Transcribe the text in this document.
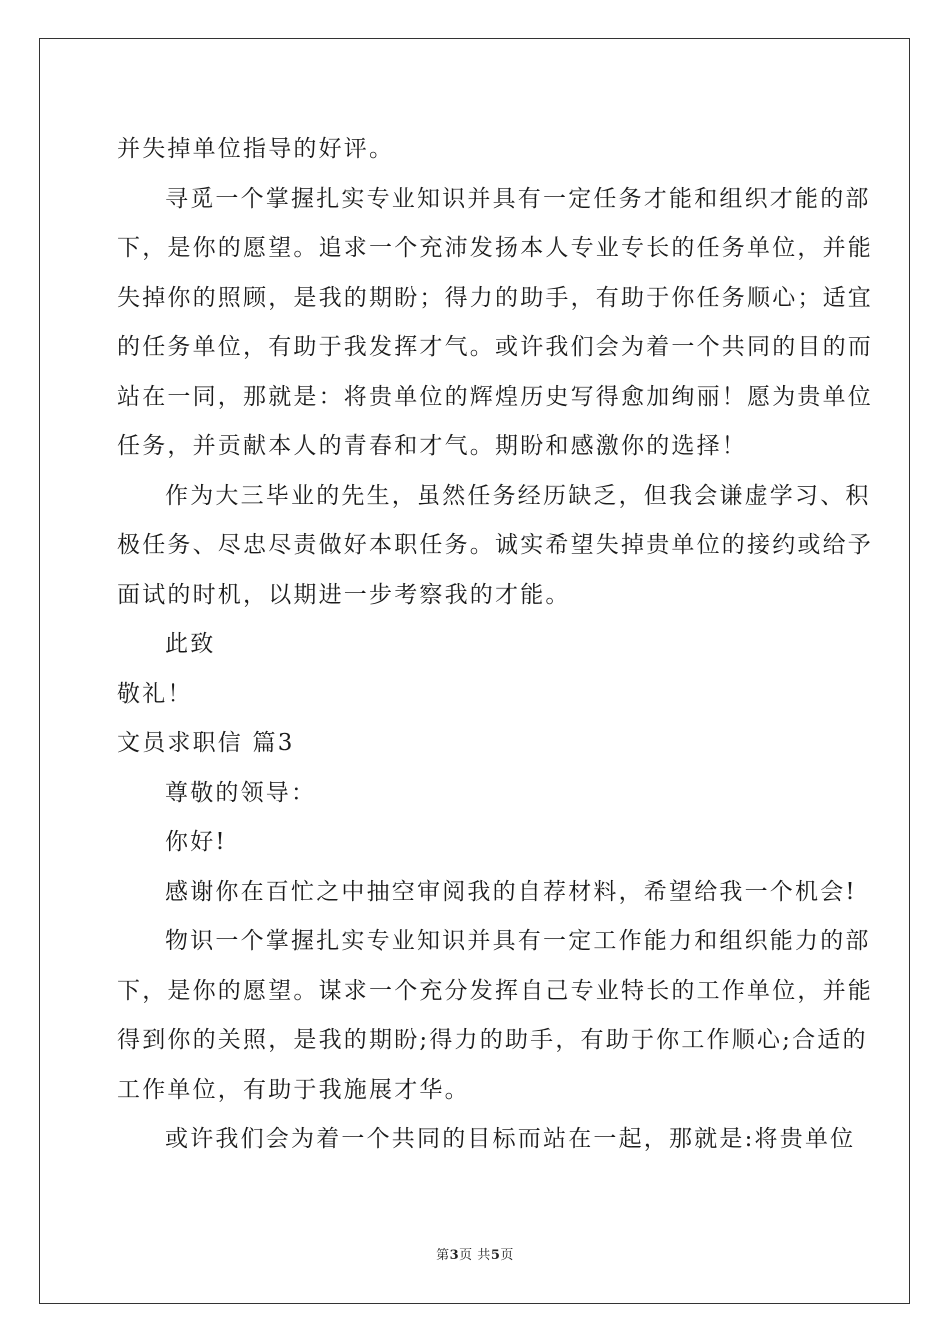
并失掉单位指导的好评。
寻觅一个掌握扎实专业知识并具有一定任务才能和组织才能的部
下，是你的愿望。追求一个充沛发扬本人专业专长的任务单位，并能
失掉你的照顾，是我的期盼；得力的助手，有助于你任务顺心；适宜
的任务单位，有助于我发挥才气。或许我们会为着一个共同的目的而
站在一同，那就是：将贵单位的辉煌历史写得愈加绚丽！愿为贵单位
任务，并贡献本人的青春和才气。期盼和感激你的选择！
作为大三毕业的先生，虽然任务经历缺乏，但我会谦虚学习、积
极任务、尽忠尽责做好本职任务。诚实希望失掉贵单位的接约或给予
面试的时机，以期进一步考察我的才能。
此致
敬礼！
文员求职信 篇3
尊敬的领导：
你好!
感谢你在百忙之中抽空审阅我的自荐材料，希望给我一个机会!
物识一个掌握扎实专业知识并具有一定工作能力和组织能力的部
下，是你的愿望。谋求一个充分发挥自己专业特长的工作单位，并能
得到你的关照，是我的期盼;得力的助手，有助于你工作顺心;合适的
工作单位，有助于我施展才华。
或许我们会为着一个共同的目标而站在一起，那就是:将贵单位
第3页 共5页
